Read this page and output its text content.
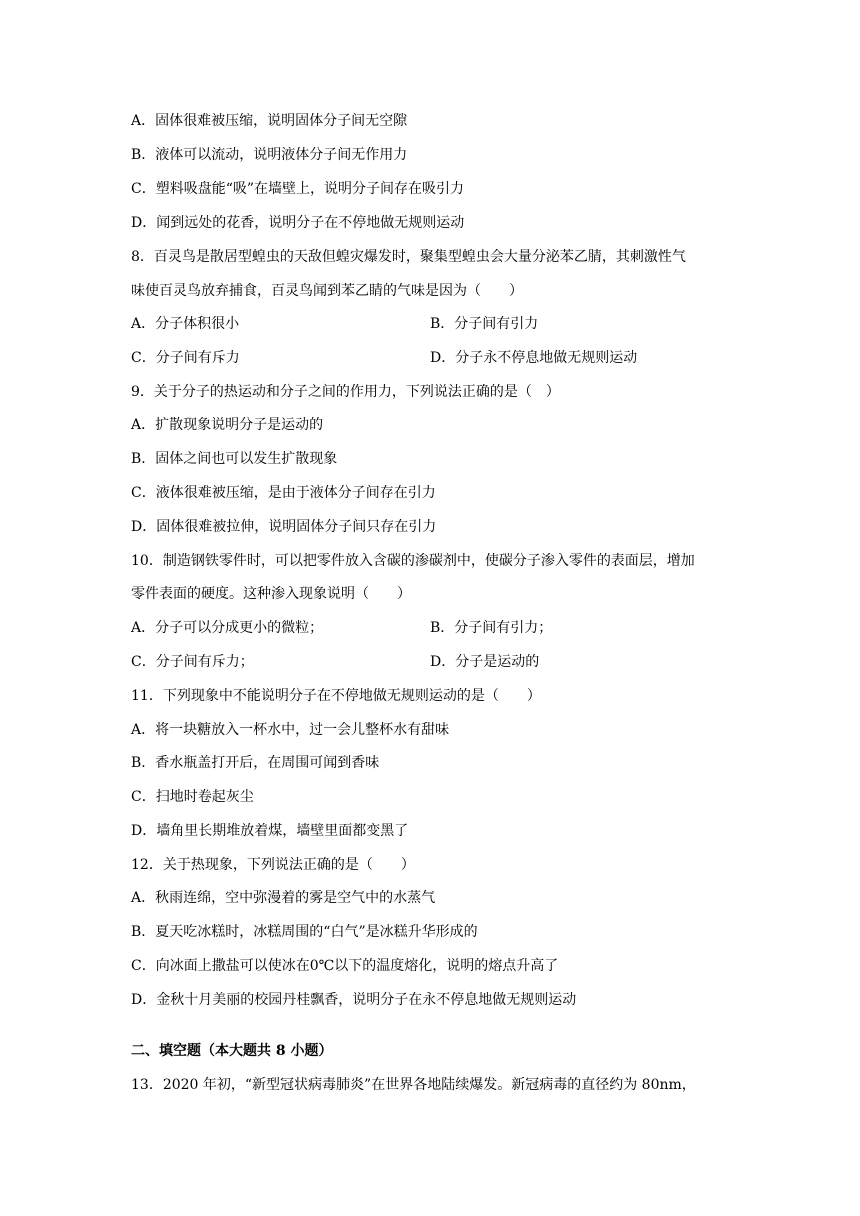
A．固体很难被压缩，说明固体分子间无空隙
B．液体可以流动，说明液体分子间无作用力
C．塑料吸盘能“吸”在墙壁上，说明分子间存在吸引力
D．闻到远处的花香，说明分子在不停地做无规则运动
8．百灵鸟是散居型蝗虫的天敌但蝗灾爆发时，聚集型蝗虫会大量分泌苯乙腈，其刺激性气
味使百灵鸟放弃捕食，百灵鸟闻到苯乙睛的气味是因为（　　）
A．分子体积很小	B．分子间有引力
C．分子间有斥力	D．分子永不停息地做无规则运动
9．关于分子的热运动和分子之间的作用力，下列说法正确的是（　）
A．扩散现象说明分子是运动的
B．固体之间也可以发生扩散现象
C．液体很难被压缩，是由于液体分子间存在引力
D．固体很难被拉伸，说明固体分子间只存在引力
10．制造钢铁零件时，可以把零件放入含碳的渗碳剂中，使碳分子渗入零件的表面层，增加
零件表面的硬度。这种渗入现象说明（　　）
A．分子可以分成更小的微粒；	B．分子间有引力；
C．分子间有斥力；	D．分子是运动的
11．下列现象中不能说明分子在不停地做无规则运动的是（　　）
A．将一块糖放入一杯水中，过一会儿整杯水有甜味
B．香水瓶盖打开后，在周围可闻到香味
C．扫地时卷起灰尘
D．墙角里长期堆放着煤，墙壁里面都变黑了
12．关于热现象，下列说法正确的是（　　）
A．秋雨连绵，空中弥漫着的雾是空气中的水蒸气
B．夏天吃冰糕时，冰糕周围的“白气”是冰糕升华形成的
C．向冰面上撒盐可以使冰在0℃以下的温度熔化，说明的熔点升高了
D．金秋十月美丽的校园丹桂飘香，说明分子在永不停息地做无规则运动
二、填空题（本大题共 8 小题）
13．2020 年初，“新型冠状病毒肺炎”在世界各地陆续爆发。新冠病毒的直径约为 80nm，
